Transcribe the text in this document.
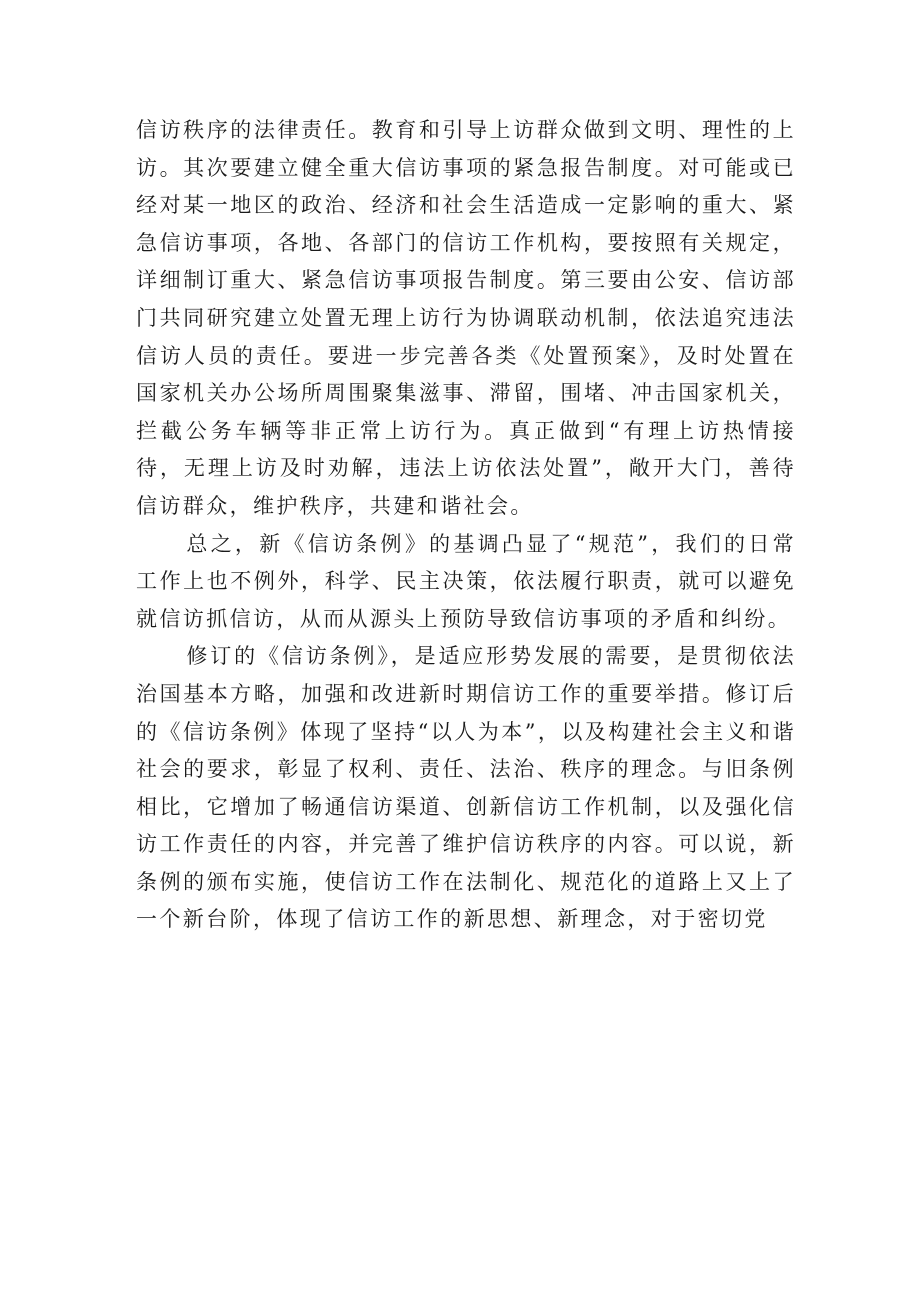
信访秩序的法律责任。教育和引导上访群众做到文明、理性的上访。其次要建立健全重大信访事项的紧急报告制度。对可能或已经对某一地区的政治、经济和社会生活造成一定影响的重大、紧急信访事项，各地、各部门的信访工作机构，要按照有关规定，详细制订重大、紧急信访事项报告制度。第三要由公安、信访部门共同研究建立处置无理上访行为协调联动机制，依法追究违法信访人员的责任。要进一步完善各类《处置预案》，及时处置在国家机关办公场所周围聚集滋事、滞留，围堵、冲击国家机关，拦截公务车辆等非正常上访行为。真正做到“有理上访热情接待，无理上访及时劝解，违法上访依法处置”，敞开大门，善待信访群众，维护秩序，共建和谐社会。

总之，新《信访条例》的基调凸显了“规范”，我们的日常工作上也不例外，科学、民主决策，依法履行职责，就可以避免就信访抓信访，从而从源头上预防导致信访事项的矛盾和纠纷。

修订的《信访条例》，是适应形势发展的需要，是贯彻依法治国基本方略，加强和改进新时期信访工作的重要举措。修订后的《信访条例》体现了坚持“以人为本”，以及构建社会主义和谐社会的要求，彰显了权利、责任、法治、秩序的理念。与旧条例相比，它增加了畅通信访渠道、创新信访工作机制，以及强化信访工作责任的内容，并完善了维护信访秩序的内容。可以说，新条例的颁布实施，使信访工作在法制化、规范化的道路上又上了一个新台阶，体现了信访工作的新思想、新理念，对于密切党
